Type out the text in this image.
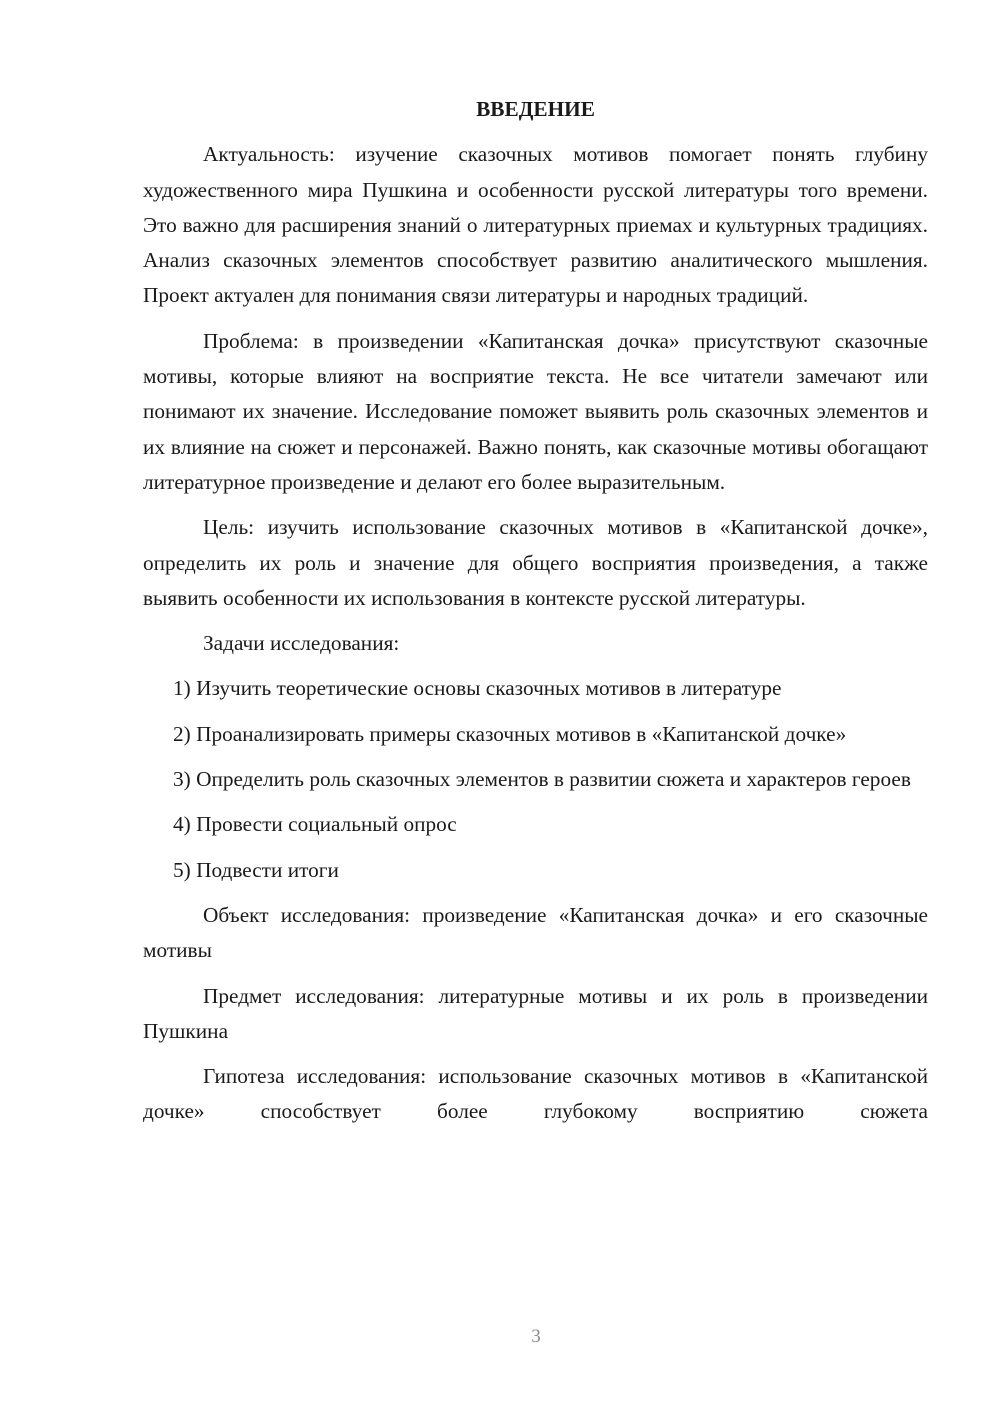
ВВЕДЕНИЕ

Актуальность: изучение сказочных мотивов помогает понять глубину художественного мира Пушкина и особенности русской литературы того времени. Это важно для расширения знаний о литературных приемах и культурных традициях. Анализ сказочных элементов способствует развитию аналитического мышления. Проект актуален для понимания связи литературы и народных традиций.

Проблема: в произведении «Капитанская дочка» присутствуют сказочные мотивы, которые влияют на восприятие текста. Не все читатели замечают или понимают их значение. Исследование поможет выявить роль сказочных элементов и их влияние на сюжет и персонажей. Важно понять, как сказочные мотивы обогащают литературное произведение и делают его более выразительным.

Цель: изучить использование сказочных мотивов в «Капитанской дочке», определить их роль и значение для общего восприятия произведения, а также выявить особенности их использования в контексте русской литературы.

Задачи исследования:

1) Изучить теоретические основы сказочных мотивов в литературе

2) Проанализировать примеры сказочных мотивов в «Капитанской дочке»

3) Определить роль сказочных элементов в развитии сюжета и характеров героев

4) Провести социальный опрос

5) Подвести итоги

Объект исследования: произведение «Капитанская дочка» и его сказочные мотивы

Предмет исследования: литературные мотивы и их роль в произведении Пушкина

Гипотеза исследования: использование сказочных мотивов в «Капитанской дочке» способствует более глубокому восприятию сюжета

3
